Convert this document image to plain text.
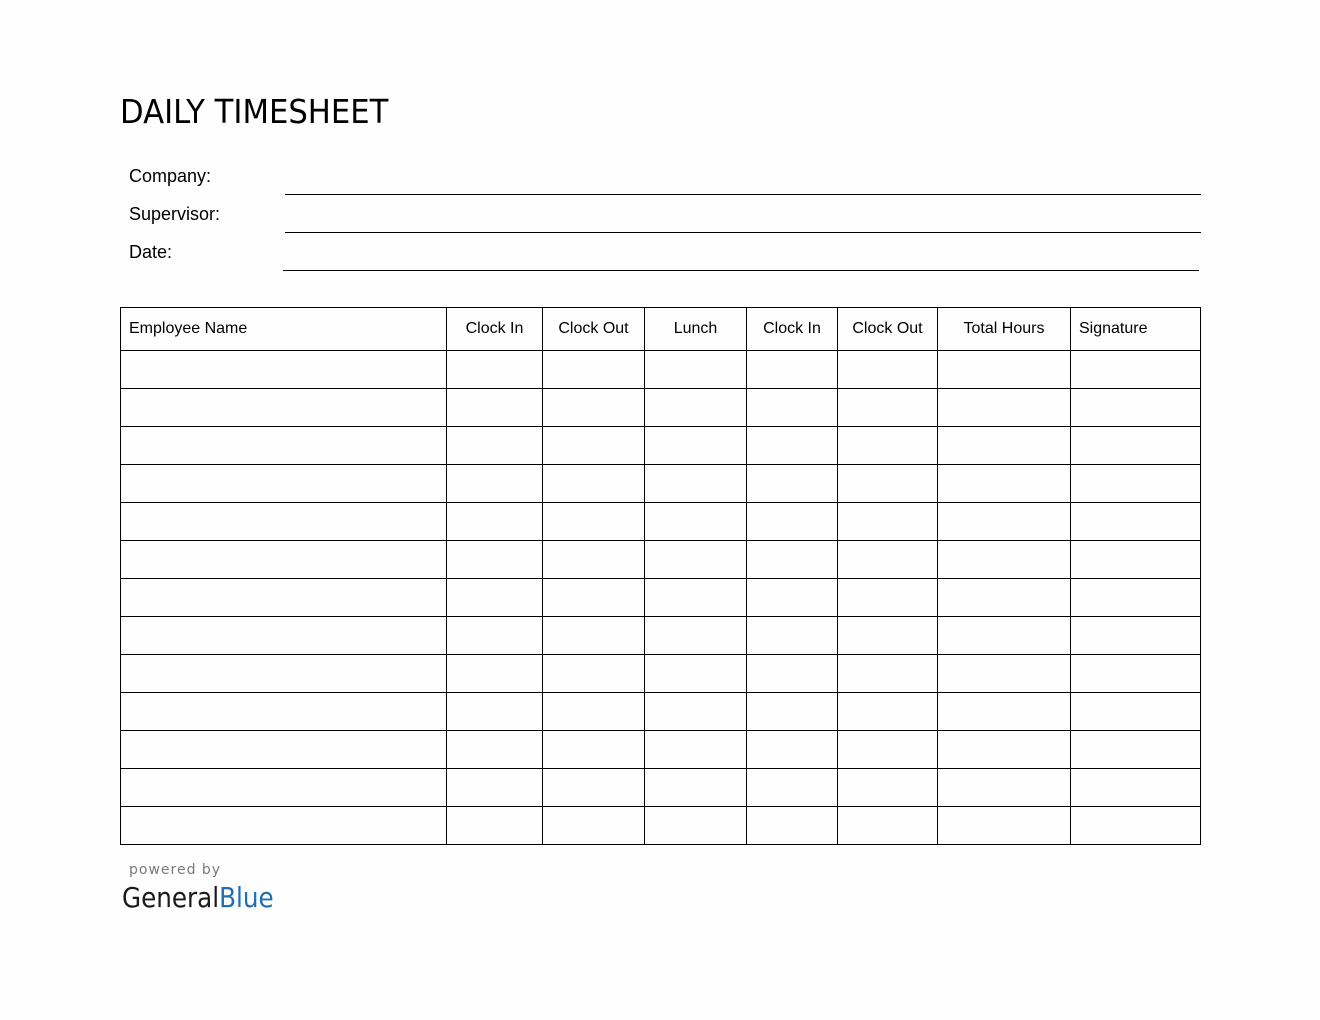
DAILY TIMESHEET
Company:
Supervisor:
Date:
Employee Name	Clock In	Clock Out	Lunch	Clock In	Clock Out	Total Hours	Signature

powered by
GeneralBlue
